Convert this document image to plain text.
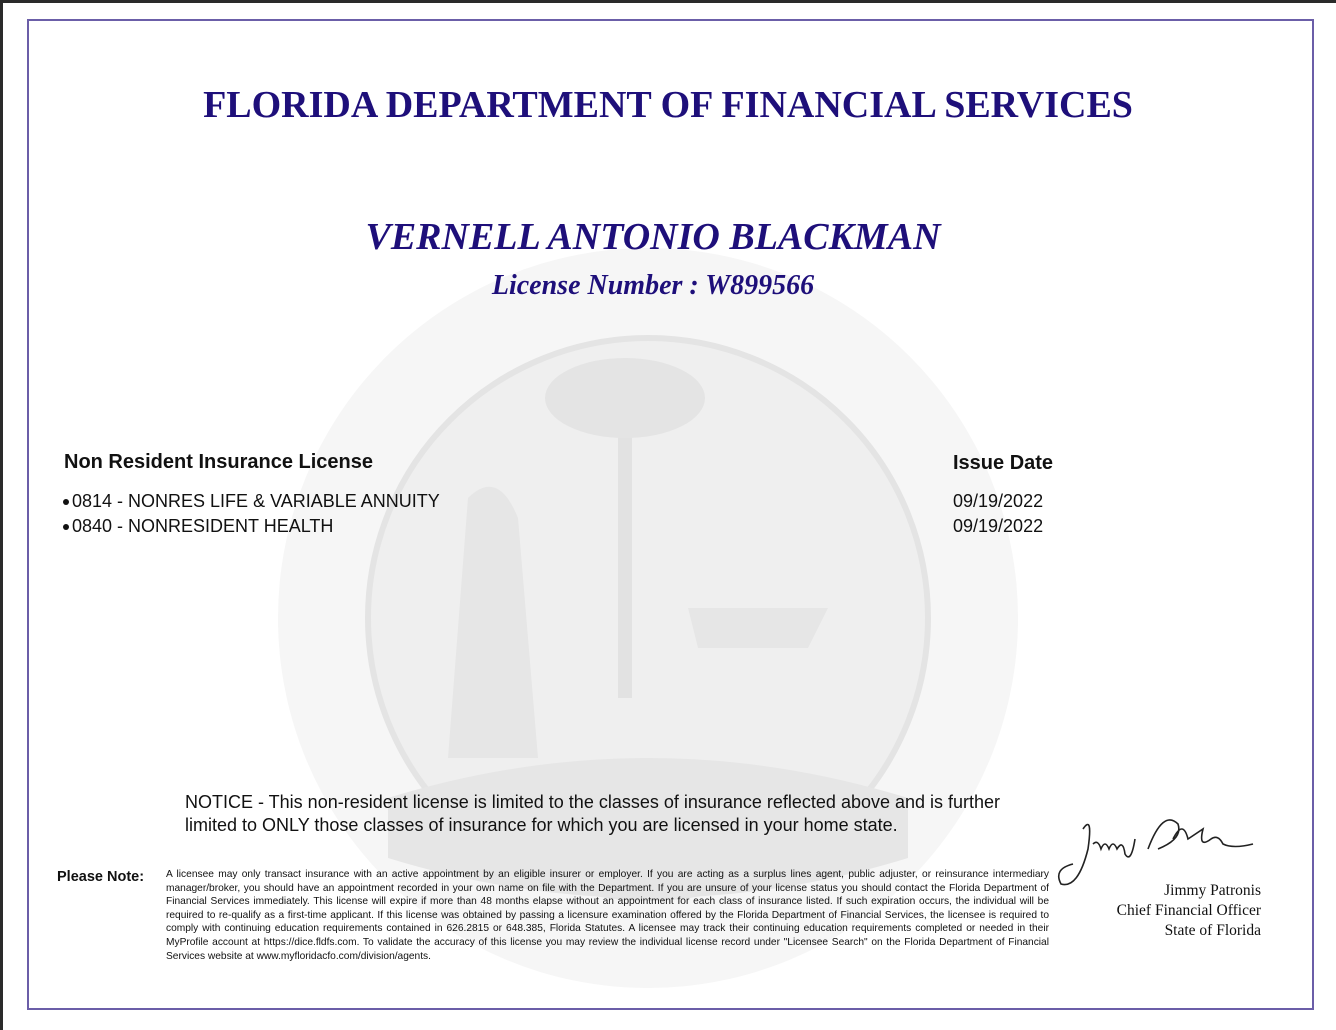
FLORIDA DEPARTMENT OF FINANCIAL SERVICES
VERNELL ANTONIO BLACKMAN
License Number : W899566
Non Resident Insurance License	Issue Date
0814 - NONRES LIFE & VARIABLE ANNUITY	09/19/2022
0840 - NONRESIDENT HEALTH	09/19/2022
NOTICE - This non-resident license is limited to the classes of insurance reflected above and is further limited to ONLY those classes of insurance for which you are licensed in your home state.
Please Note: A licensee may only transact insurance with an active appointment by an eligible insurer or employer. If you are acting as a surplus lines agent, public adjuster, or reinsurance intermediary manager/broker, you should have an appointment recorded in your own name on file with the Department. If you are unsure of your license status you should contact the Florida Department of Financial Services immediately. This license will expire if more than 48 months elapse without an appointment for each class of insurance listed. If such expiration occurs, the individual will be required to re-qualify as a first-time applicant. If this license was obtained by passing a licensure examination offered by the Florida Department of Financial Services, the licensee is required to comply with continuing education requirements contained in 626.2815 or 648.385, Florida Statutes. A licensee may track their continuing education requirements completed or needed in their MyProfile account at https://dice.fldfs.com. To validate the accuracy of this license you may review the individual license record under "Licensee Search" on the Florida Department of Financial Services website at www.myfloridacfo.com/division/agents.
Jimmy Patronis
Chief Financial Officer
State of Florida
